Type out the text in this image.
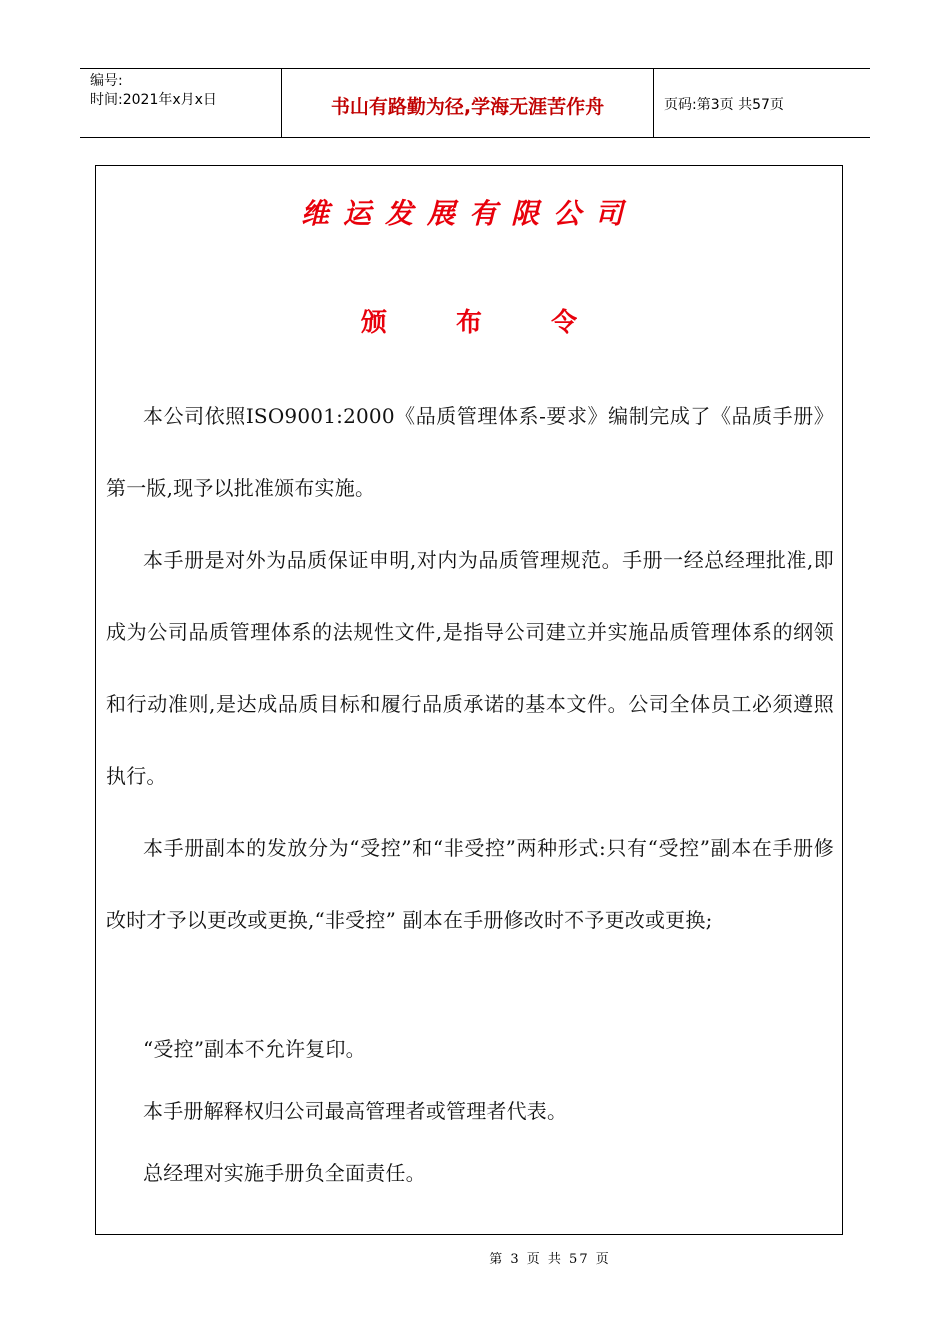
编号:
时间:2021年x月x日	书山有路勤为径,学海无涯苦作舟	页码:第3页 共57页
维运发展有限公司
颁	布	令

本公司依照ISO9001:2000《品质管理体系-要求》编制完成了《品质手册》第一版,现予以批准颁布实施。

本手册是对外为品质保证申明,对内为品质管理规范。手册一经总经理批准,即成为公司品质管理体系的法规性文件,是指导公司建立并实施品质管理体系的纲领和行动准则,是达成品质目标和履行品质承诺的基本文件。公司全体员工必须遵照执行。

本手册副本的发放分为“受控”和“非受控”两种形式:只有“受控”副本在手册修改时才予以更改或更换,“非受控” 副本在手册修改时不予更改或更换;

“受控”副本不允许复印。

本手册解释权归公司最高管理者或管理者代表。

总经理对实施手册负全面责任。

第 3 页 共 57 页
